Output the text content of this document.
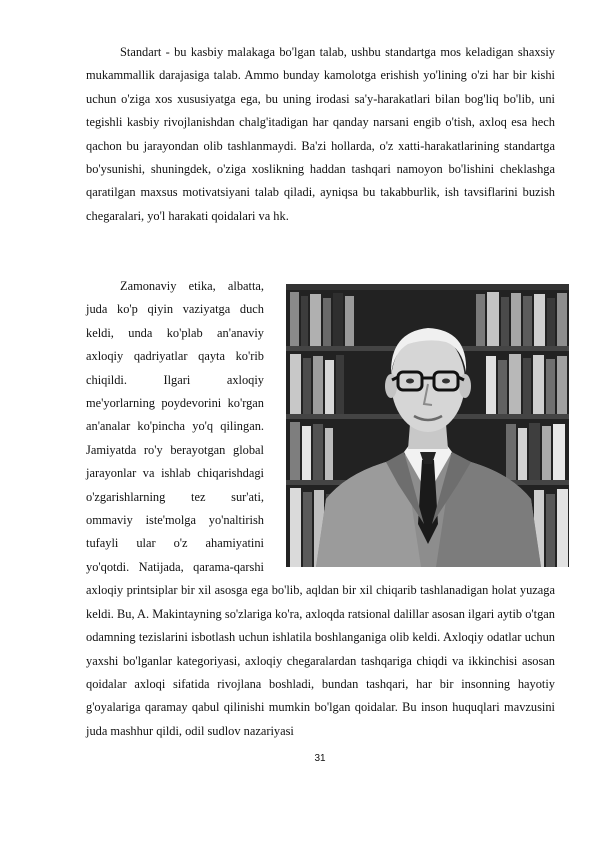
Standart - bu kasbiy malakaga bo'lgan talab, ushbu standartga mos keladigan shaxsiy mukammallik darajasiga talab. Ammo bunday kamolotga erishish yo'lining o'zi har bir kishi uchun o'ziga xos xususiyatga ega, bu uning irodasi sa'y-harakatlari bilan bog'liq bo'lib, uni tegishli kasbiy rivojlanishdan chalg'itadigan har qanday narsani engib o'tish, axloq esa hech qachon bu jarayondan olib tashlanmaydi. Ba'zi hollarda, o'z xatti-harakatlarining standartga bo'ysunishi, shuningdek, o'ziga xoslikning haddan tashqari namoyon bo'lishini cheklashga qaratilgan maxsus motivatsiyani talab qiladi, ayniqsa bu takabburlik, ish tavsiflarini buzish chegaralari, yo'l harakati qoidalari va hk.

Zamonaviy etika, albatta, juda ko'p qiyin vaziyatga duch keldi, unda ko'plab an'anaviy axloqiy qadriyatlar qayta ko'rib chiqildi. Ilgari axloqiy me'yorlarning poydevorini ko'rgan an'analar ko'pincha yo'q qilingan. Jamiyatda ro'y berayotgan global jarayonlar va ishlab chiqarishdagi o'zgarishlarning tez sur'ati, ommaviy iste'molga yo'naltirish tufayli ular o'z ahamiyatini yo'qotdi. Natijada, qarama-qarshi axloqiy printsiplar bir xil asosga ega bo'lib, aqldan bir xil chiqarib tashlanadigan holat yuzaga keldi. Bu, A. Makintayning so'zlariga ko'ra, axloqda ratsional dalillar asosan ilgari aytib o'tgan odamning tezislarini isbotlash uchun ishlatila boshlanganiga olib keldi. Axloqiy odatlar uchun yaxshi bo'lganlar kategoriyasi, axloqiy chegaralardan tashqariga chiqdi va ikkinchisi asosan qoidalar axloqi sifatida rivojlana boshladi, bundan tashqari, har bir insonning hayotiy g'oyalariga qaramay qabul qilinishi mumkin bo'lgan qoidalar. Bu inson huquqlari mavzusini juda mashhur qildi, odil sudlov nazariyasi

31
